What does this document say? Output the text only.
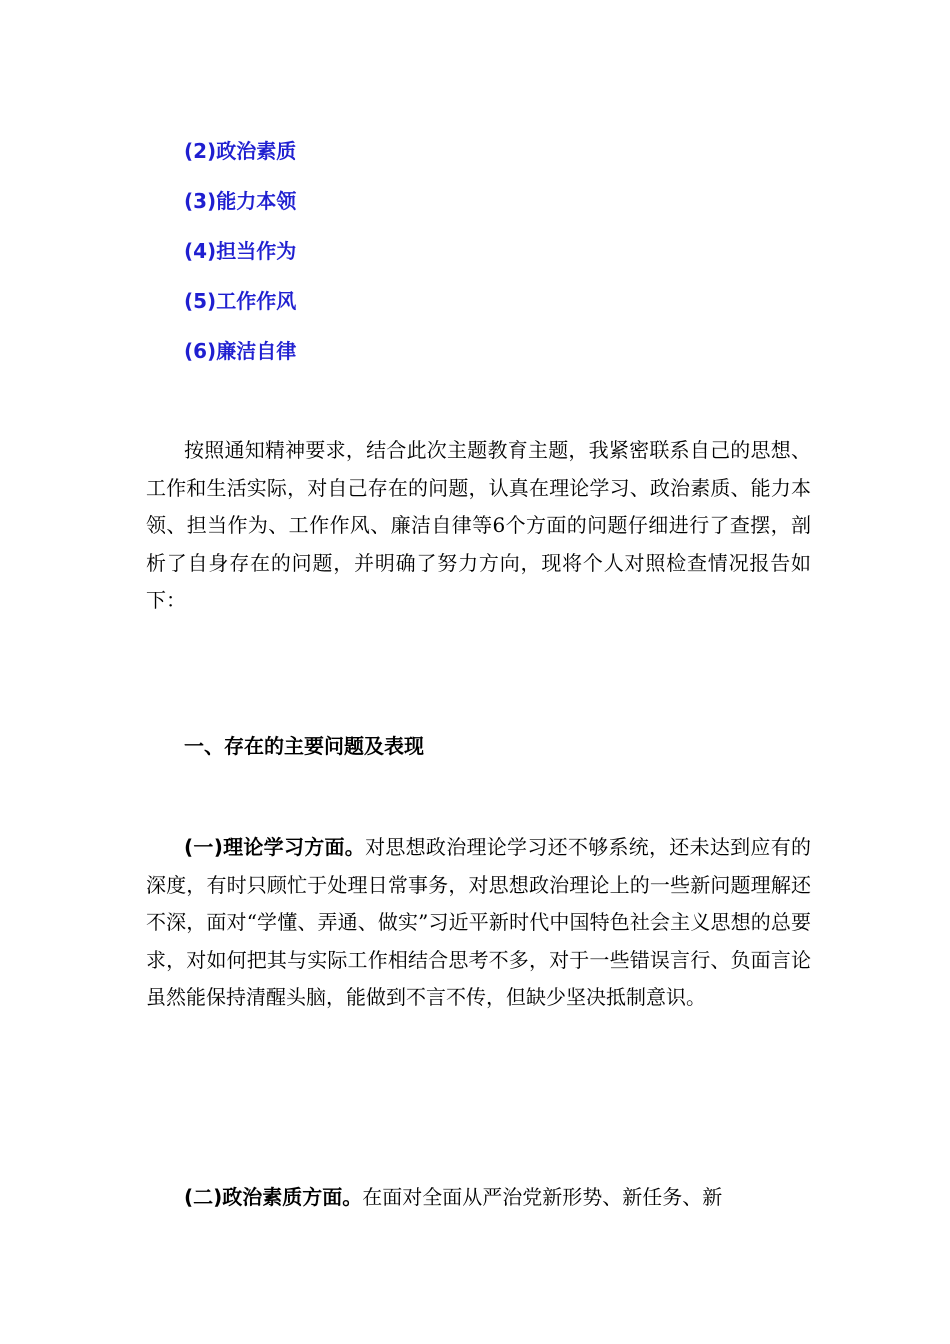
(2)政治素质
(3)能力本领
(4)担当作为
(5)工作作风
(6)廉洁自律

按照通知精神要求，结合此次主题教育主题，我紧密联系自己的思想、工作和生活实际，对自己存在的问题，认真在理论学习、政治素质、能力本领、担当作为、工作作风、廉洁自律等6个方面的问题仔细进行了查摆，剖析了自身存在的问题，并明确了努力方向，现将个人对照检查情况报告如下：

一、存在的主要问题及表现

(一)理论学习方面。对思想政治理论学习还不够系统，还未达到应有的深度，有时只顾忙于处理日常事务，对思想政治理论上的一些新问题理解还不深，面对“学懂、弄通、做实”习近平新时代中国特色社会主义思想的总要求，对如何把其与实际工作相结合思考不多，对于一些错误言行、负面言论虽然能保持清醒头脑，能做到不言不传，但缺少坚决抵制意识。

(二)政治素质方面。在面对全面从严治党新形势、新任务、新
